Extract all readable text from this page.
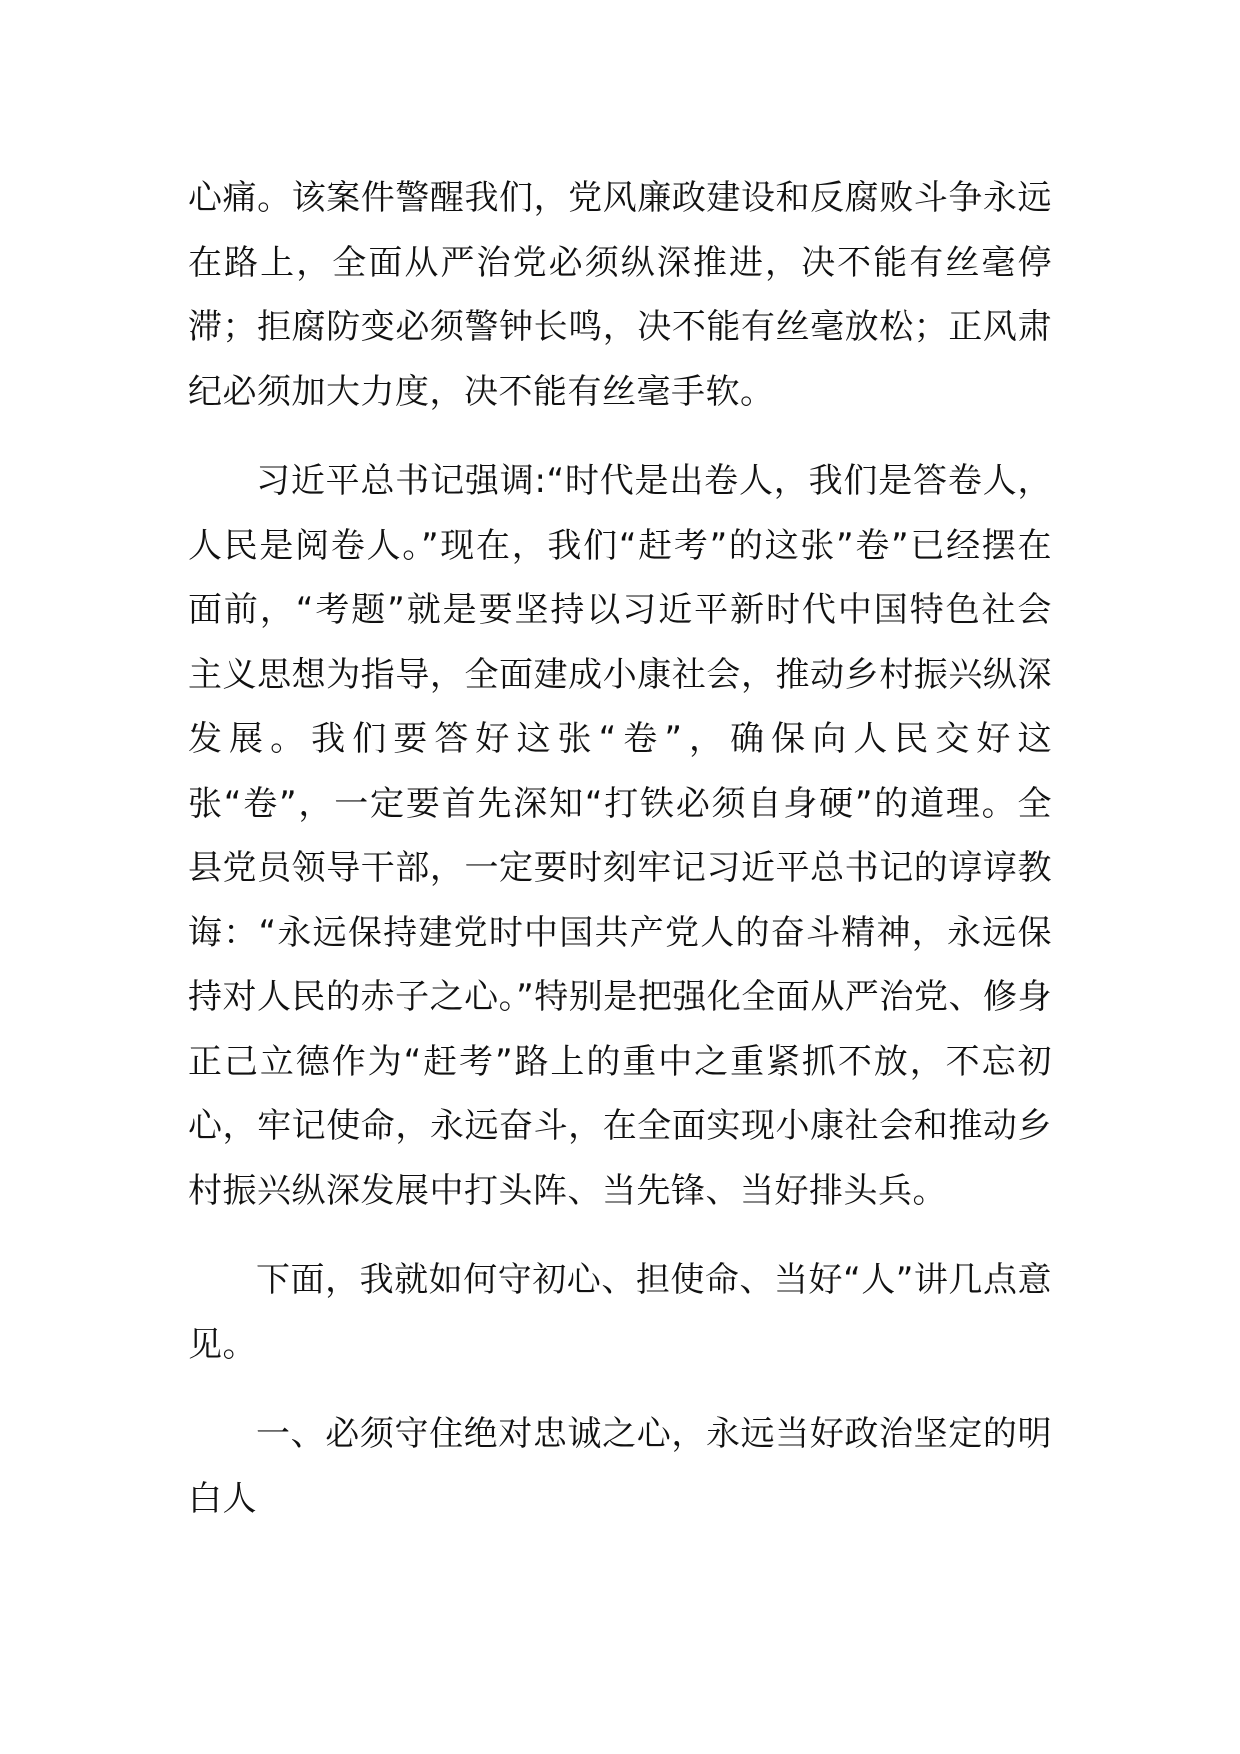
心痛。该案件警醒我们，党风廉政建设和反腐败斗争永远在路上，全面从严治党必须纵深推进，决不能有丝毫停滞；拒腐防变必须警钟长鸣，决不能有丝毫放松；正风肃纪必须加大力度，决不能有丝毫手软。

习近平总书记强调:“时代是出卷人，我们是答卷人，人民是阅卷人。”现在，我们“赶考”的这张”卷”已经摆在面前，“考题”就是要坚持以习近平新时代中国特色社会主义思想为指导，全面建成小康社会，推动乡村振兴纵深发展。我们要答好这张“卷”，确保向人民交好这张“卷”，一定要首先深知“打铁必须自身硬”的道理。全县党员领导干部，一定要时刻牢记习近平总书记的谆谆教诲：“永远保持建党时中国共产党人的奋斗精神，永远保持对人民的赤子之心。”特别是把强化全面从严治党、修身正己立德作为“赶考”路上的重中之重紧抓不放，不忘初心，牢记使命，永远奋斗，在全面实现小康社会和推动乡村振兴纵深发展中打头阵、当先锋、当好排头兵。

下面，我就如何守初心、担使命、当好“人”讲几点意见。

一、必须守住绝对忠诚之心，永远当好政治坚定的明白人
